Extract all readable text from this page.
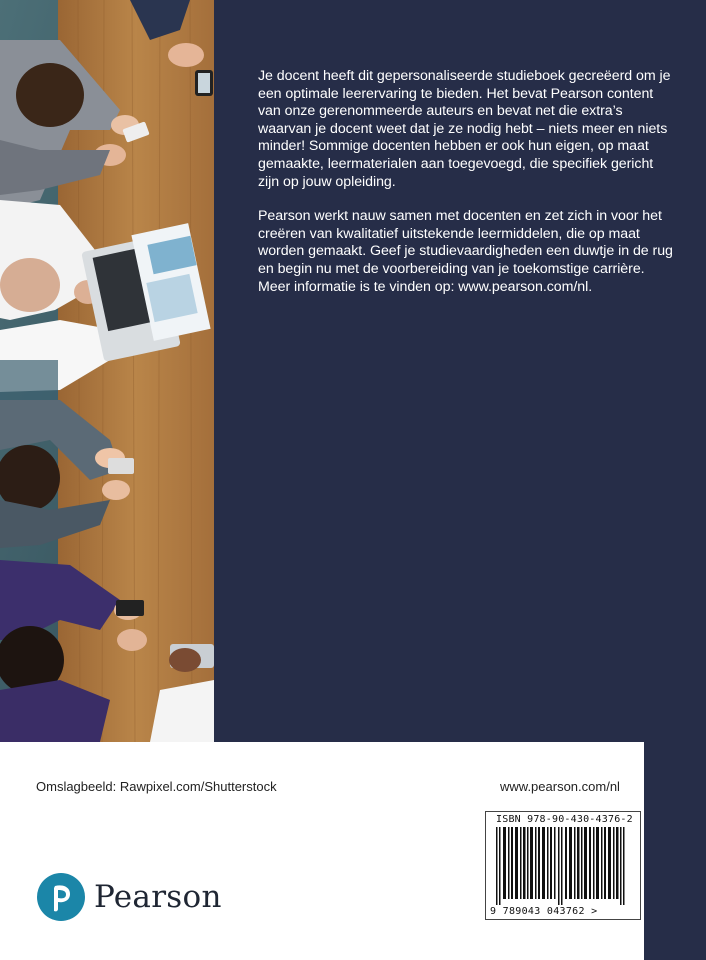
Je docent heeft dit gepersonaliseerde studieboek gecreëerd om je een optimale leerervaring te bieden. Het bevat Pearson content van onze gerenommeerde auteurs en bevat net die extra’s waarvan je docent weet dat je ze nodig hebt – niets meer en niets minder! Sommige docenten hebben er ook hun eigen, op maat gemaakte, leermaterialen aan toegevoegd, die specifiek gericht zijn op jouw opleiding.

Pearson werkt nauw samen met docenten en zet zich in voor het creëren van kwalitatief uitstekende leermiddelen, die op maat worden gemaakt. Geef je studievaardigheden een duwtje in de rug en begin nu met de voorbereiding van je toekomstige carrière. Meer informatie is te vinden op: www.pearson.com/nl.

Omslagbeeld: Rawpixel.com/Shutterstock	www.pearson.com/nl
Pearson
ISBN 978-90-430-4376-2
9 789043 043762 >
